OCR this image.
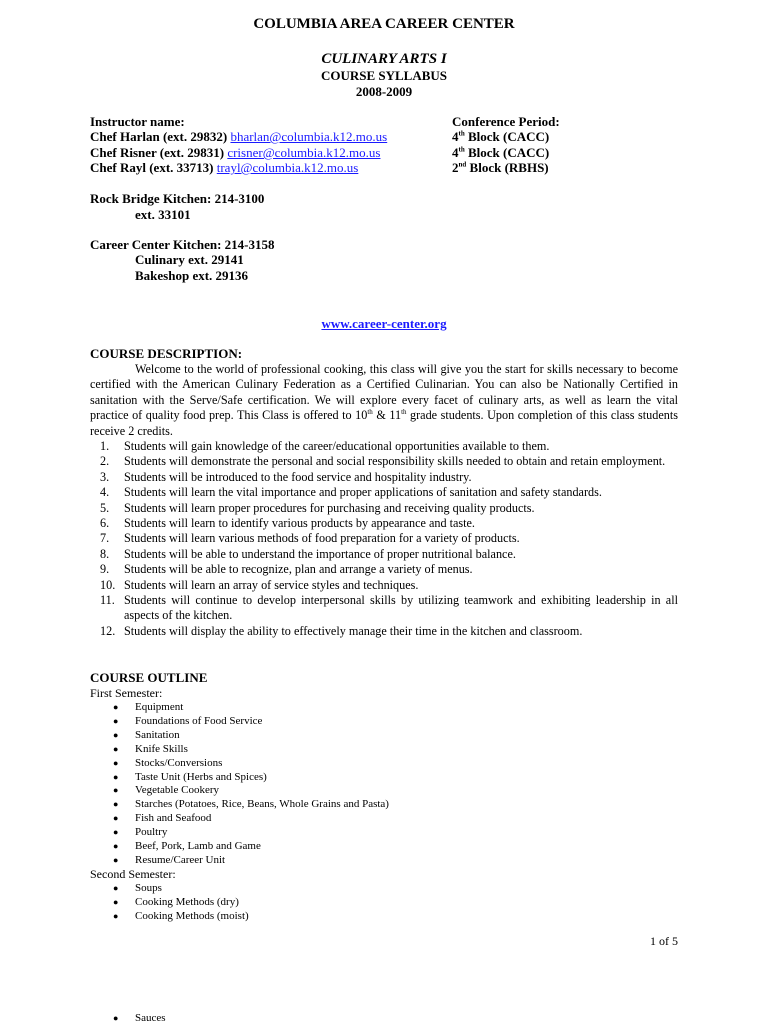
COLUMBIA AREA CAREER CENTER
CULINARY ARTS I
COURSE SYLLABUS
2008-2009
Instructor name:	Conference Period:
Chef Harlan (ext. 29832) bharlan@columbia.k12.mo.us	4th Block (CACC)
Chef Risner (ext. 29831) crisner@columbia.k12.mo.us	4th Block (CACC)
Chef Rayl (ext. 33713) trayl@columbia.k12.mo.us	2nd Block (RBHS)
Rock Bridge Kitchen: 214-3100
ext. 33101
Career Center Kitchen: 214-3158
Culinary ext. 29141
Bakeshop ext. 29136
www.career-center.org
COURSE DESCRIPTION:
Welcome to the world of professional cooking, this class will give you the start for skills necessary to become certified with the American Culinary Federation as a Certified Culinarian. You can also be Nationally Certified in sanitation with the Serve/Safe certification. We will explore every facet of culinary arts, as well as learn the vital practice of quality food prep. This Class is offered to 10th & 11th grade students. Upon completion of this class students receive 2 credits.
1.	Students will gain knowledge of the career/educational opportunities available to them.
2.	Students will demonstrate the personal and social responsibility skills needed to obtain and retain employment.
3.	Students will be introduced to the food service and hospitality industry.
4.	Students will learn the vital importance and proper applications of sanitation and safety standards.
5.	Students will learn proper procedures for purchasing and receiving quality products.
6.	Students will learn to identify various products by appearance and taste.
7.	Students will learn various methods of food preparation for a variety of products.
8.	Students will be able to understand the importance of proper nutritional balance.
9.	Students will be able to recognize, plan and arrange a variety of menus.
10. Students will learn an array of service styles and techniques.
11. Students will continue to develop interpersonal skills by utilizing teamwork and exhibiting leadership in all aspects of the kitchen.
12. Students will display the ability to effectively manage their time in the kitchen and classroom.
COURSE OUTLINE
First Semester:
●	Equipment
●	Foundations of Food Service
●	Sanitation
●	Knife Skills
●	Stocks/Conversions
●	Taste Unit (Herbs and Spices)
●	Vegetable Cookery
●	Starches (Potatoes, Rice, Beans, Whole Grains and Pasta)
●	Fish and Seafood
●	Poultry
●	Beef, Pork, Lamb and Game
●	Resume/Career Unit
Second Semester:
●	Soups
●	Cooking Methods (dry)
●	Cooking Methods (moist)
1 of 5
●	Sauces
